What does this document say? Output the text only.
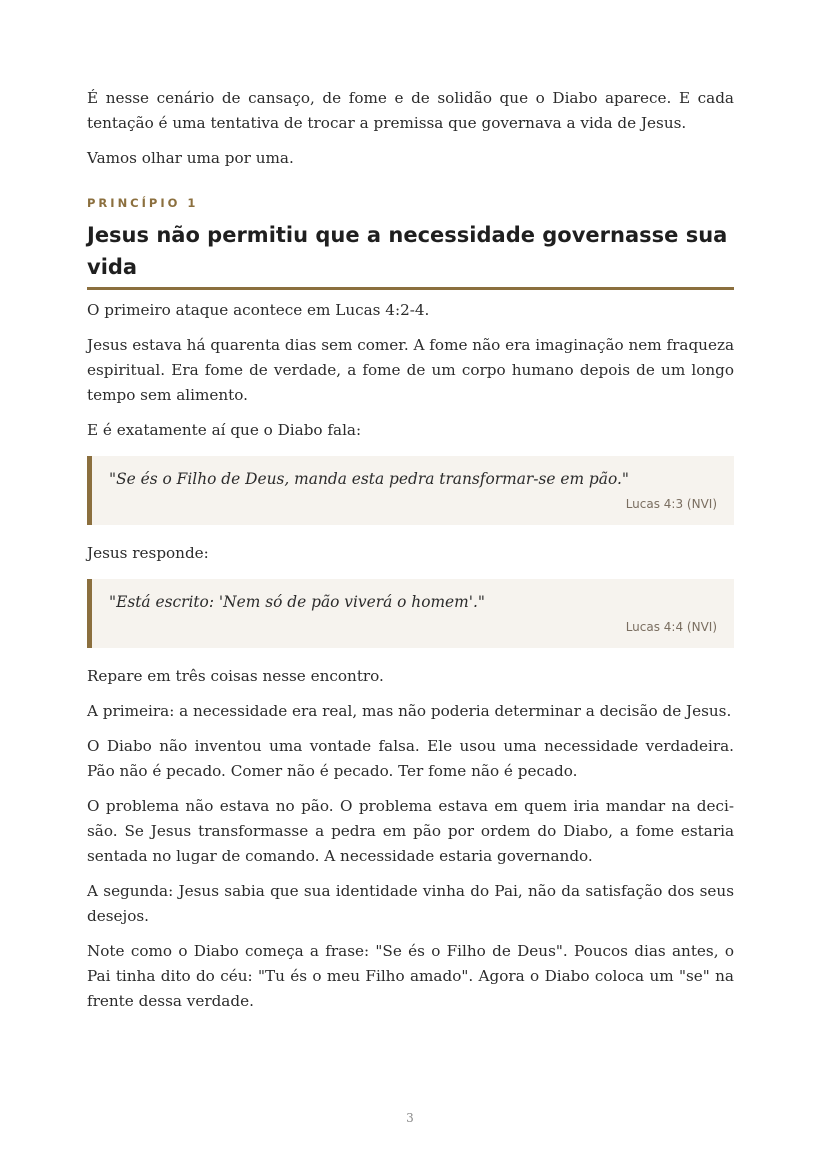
É nesse cenário de cansaço, de fome e de solidão que o Diabo aparece. E cada tentação é uma tentativa de trocar a premissa que governava a vida de Jesus.

Vamos olhar uma por uma.

PRINCÍPIO 1
Jesus não permitiu que a necessidade governasse sua vida

O primeiro ataque acontece em Lucas 4:2-4.

Jesus estava há quarenta dias sem comer. A fome não era imaginação nem fraqueza espiritual. Era fome de verdade, a fome de um corpo humano depois de um longo tempo sem alimento.

E é exatamente aí que o Diabo fala:

"Se és o Filho de Deus, manda esta pedra transformar-se em pão."
Lucas 4:3 (NVI)

Jesus responde:

"Está escrito: 'Nem só de pão viverá o homem'."
Lucas 4:4 (NVI)

Repare em três coisas nesse encontro.

A primeira: a necessidade era real, mas não poderia determinar a decisão de Jesus.

O Diabo não inventou uma vontade falsa. Ele usou uma necessidade verdadeira. Pão não é pecado. Comer não é pecado. Ter fome não é pecado.

O problema não estava no pão. O problema estava em quem iria mandar na decisão. Se Jesus transformasse a pedra em pão por ordem do Diabo, a fome estaria sentada no lugar de comando. A necessidade estaria governando.

A segunda: Jesus sabia que sua identidade vinha do Pai, não da satisfação dos seus desejos.

Note como o Diabo começa a frase: "Se és o Filho de Deus". Poucos dias antes, o Pai tinha dito do céu: "Tu és o meu Filho amado". Agora o Diabo coloca um "se" na frente dessa verdade.

3
